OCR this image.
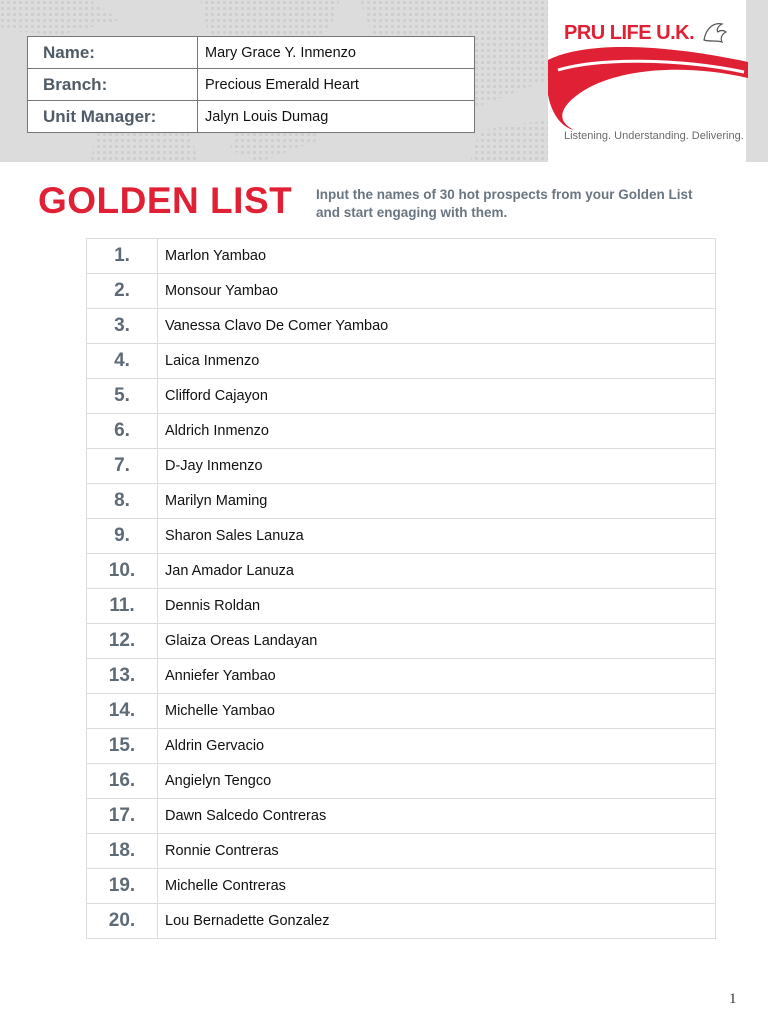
Name:	Mary Grace Y. Inmenzo
Branch:	Precious Emerald Heart
Unit Manager:	Jalyn Louis Dumag
PRU LIFE U.K.
Listening. Understanding. Delivering.
GOLDEN LIST Input the names of 30 hot prospects from your Golden List and start engaging with them.
1.	Marlon Yambao
2.	Monsour Yambao
3.	Vanessa Clavo De Comer Yambao
4.	Laica Inmenzo
5.	Clifford Cajayon
6.	Aldrich Inmenzo
7.	D-Jay Inmenzo
8.	Marilyn Maming
9.	Sharon Sales Lanuza
10.	Jan Amador Lanuza
11.	Dennis Roldan
12.	Glaiza Oreas Landayan
13.	Anniefer Yambao
14.	Michelle Yambao
15.	Aldrin Gervacio
16.	Angielyn Tengco
17.	Dawn Salcedo Contreras
18.	Ronnie Contreras
19.	Michelle Contreras
20.	Lou Bernadette Gonzalez
1
